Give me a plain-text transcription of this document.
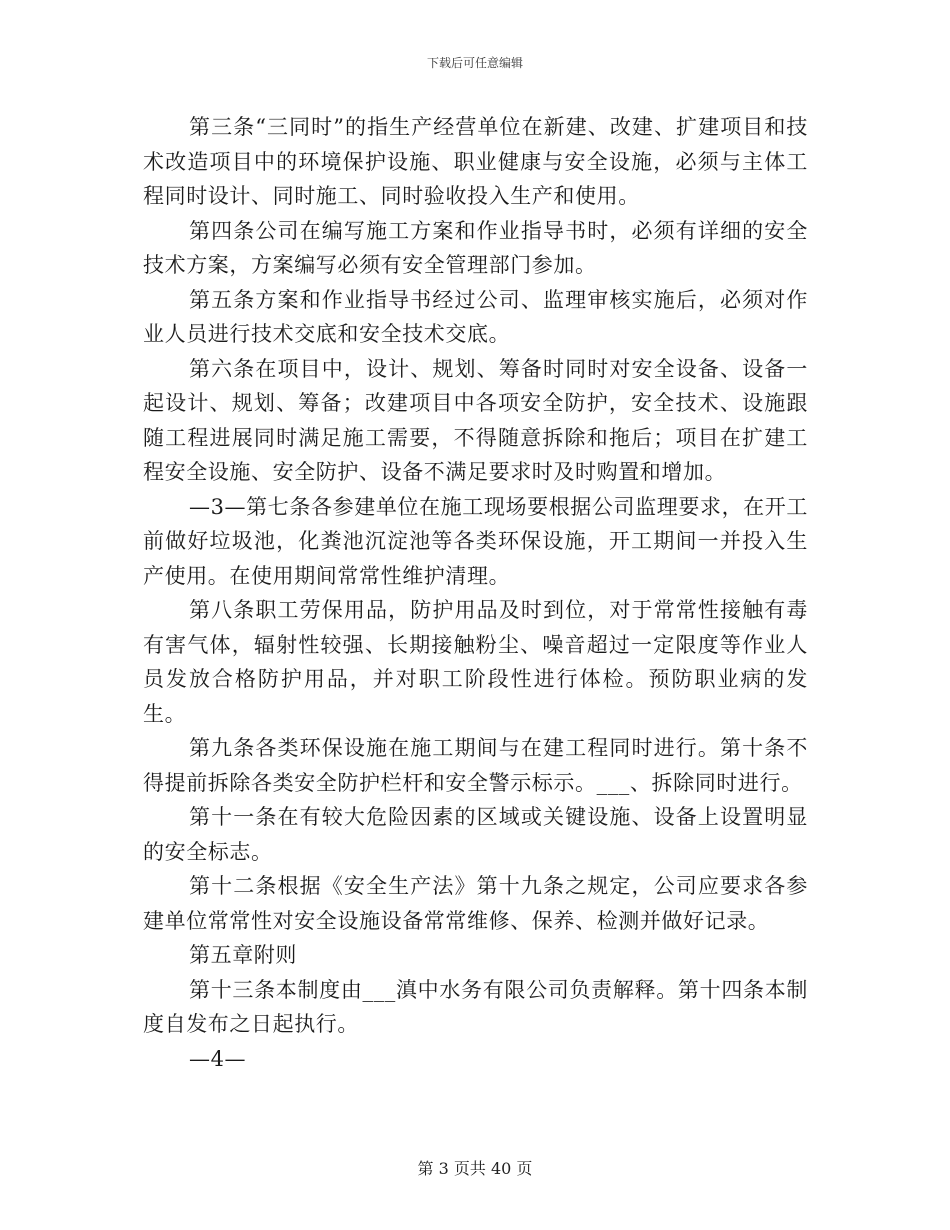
下载后可任意编辑

第三条“三同时”的指生产经营单位在新建、改建、扩建项目和技术改造项目中的环境保护设施、职业健康与安全设施，必须与主体工程同时设计、同时施工、同时验收投入生产和使用。

第四条公司在编写施工方案和作业指导书时，必须有详细的安全技术方案，方案编写必须有安全管理部门参加。

第五条方案和作业指导书经过公司、监理审核实施后，必须对作业人员进行技术交底和安全技术交底。

第六条在项目中，设计、规划、筹备时同时对安全设备、设备一起设计、规划、筹备；改建项目中各项安全防护，安全技术、设施跟随工程进展同时满足施工需要，不得随意拆除和拖后；项目在扩建工程安全设施、安全防护、设备不满足要求时及时购置和增加。

—3—第七条各参建单位在施工现场要根据公司监理要求，在开工前做好垃圾池，化粪池沉淀池等各类环保设施，开工期间一并投入生产使用。在使用期间常常性维护清理。

第八条职工劳保用品，防护用品及时到位，对于常常性接触有毒有害气体，辐射性较强、长期接触粉尘、噪音超过一定限度等作业人员发放合格防护用品，并对职工阶段性进行体检。预防职业病的发生。

第九条各类环保设施在施工期间与在建工程同时进行。第十条不得提前拆除各类安全防护栏杆和安全警示标示。___、拆除同时进行。

第十一条在有较大危险因素的区域或关键设施、设备上设置明显的安全标志。

第十二条根据《安全生产法》第十九条之规定，公司应要求各参建单位常常性对安全设施设备常常维修、保养、检测并做好记录。

第五章附则

第十三条本制度由___滇中水务有限公司负责解释。第十四条本制度自发布之日起执行。

—4—

第 3 页共 40 页
